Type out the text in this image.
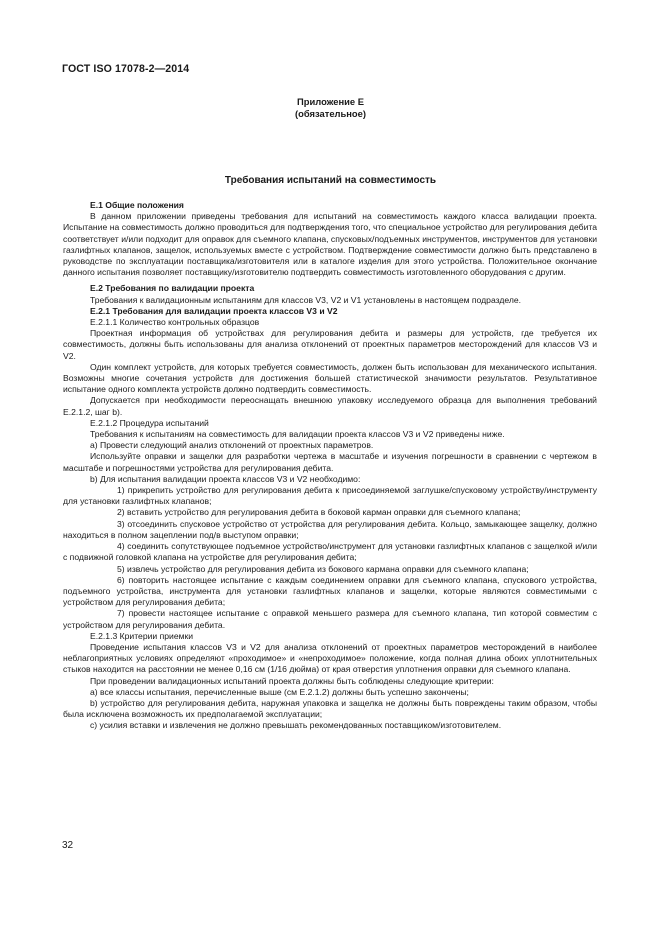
ГОСТ ISO 17078-2—2014
Приложение Е
(обязательное)
Требования испытаний на совместимость

Е.1 Общие положения

В данном приложении приведены требования для испытаний на совместимость каждого класса валидации проекта. Испытание на совместимость должно проводиться для подтверждения того, что специальное устройство для регулирования дебита соответствует и/или подходит для оправок для съемного клапана, спусковых/подъемных инструментов, инструментов для установки газлифтных клапанов, защелок, используемых вместе с устройством. Подтверждение совместимости должно быть представлено в руководстве по эксплуатации поставщика/изготовителя или в каталоге изделия для этого устройства. Положительное окончание данного испытания позволяет поставщику/изготовителю подтвердить совместимость изготовленного оборудования с другим.

Е.2 Требования по валидации проекта

Требования к валидационным испытаниям для классов V3, V2 и V1 установлены в настоящем подразделе.

Е.2.1 Требования для валидации проекта классов V3 и V2

Е.2.1.1 Количество контрольных образцов

Проектная информация об устройствах для регулирования дебита и размеры для устройств, где требуется их совместимость, должны быть использованы для анализа отклонений от проектных параметров месторождений для классов V3 и V2.

Один комплект устройств, для которых требуется совместимость, должен быть использован для механического испытания. Возможны многие сочетания устройств для достижения большей статистической значимости результатов. Результативное испытание одного комплекта устройств должно подтвердить совместимость.

Допускается при необходимости переоснащать внешнюю упаковку исследуемого образца для выполнения требований Е.2.1.2, шаг b).

Е.2.1.2 Процедура испытаний

Требования к испытаниям на совместимость для валидации проекта классов V3 и V2 приведены ниже.

а) Провести следующий анализ отклонений от проектных параметров.

Используйте оправки и защелки для разработки чертежа в масштабе и изучения погрешности в сравнении с чертежом в масштабе и погрешностями устройства для регулирования дебита.

b) Для испытания валидации проекта классов V3 и V2 необходимо:

1) прикрепить устройство для регулирования дебита к присоединяемой заглушке/спусковому устройству/инструменту для установки газлифтных клапанов;

2) вставить устройство для регулирования дебита в боковой карман оправки для съемного клапана;

3) отсоединить спусковое устройство от устройства для регулирования дебита. Кольцо, замыкающее защелку, должно находиться в полном зацеплении под/в выступом оправки;

4) соединить сопутствующее подъемное устройство/инструмент для установки газлифтных клапанов с защелкой и/или с подвижной головкой клапана на устройстве для регулирования дебита;

5) извлечь устройство для регулирования дебита из бокового кармана оправки для съемного клапана;

6) повторить настоящее испытание с каждым соединением оправки для съемного клапана, спускового устройства, подъемного устройства, инструмента для установки газлифтных клапанов и защелки, которые являются совместимыми с устройством для регулирования дебита;

7) провести настоящее испытание с оправкой меньшего размера для съемного клапана, тип которой совместим с устройством для регулирования дебита.

Е.2.1.3 Критерии приемки

Проведение испытания классов V3 и V2 для анализа отклонений от проектных параметров месторождений в наиболее неблагоприятных условиях определяют «проходимое» и «непроходимое» положение, когда полная длина обоих уплотнительных стыков находится на расстоянии не менее 0,16 см (1/16 дюйма) от края отверстия уплотнения оправки для съемного клапана.

При проведении валидационных испытаний проекта должны быть соблюдены следующие критерии:

а) все классы испытания, перечисленные выше (см Е.2.1.2) должны быть успешно закончены;

b) устройство для регулирования дебита, наружная упаковка и защелка не должны быть повреждены таким образом, чтобы была исключена возможность их предполагаемой эксплуатации;

с) усилия вставки и извлечения не должно превышать рекомендованных поставщиком/изготовителем.

32
